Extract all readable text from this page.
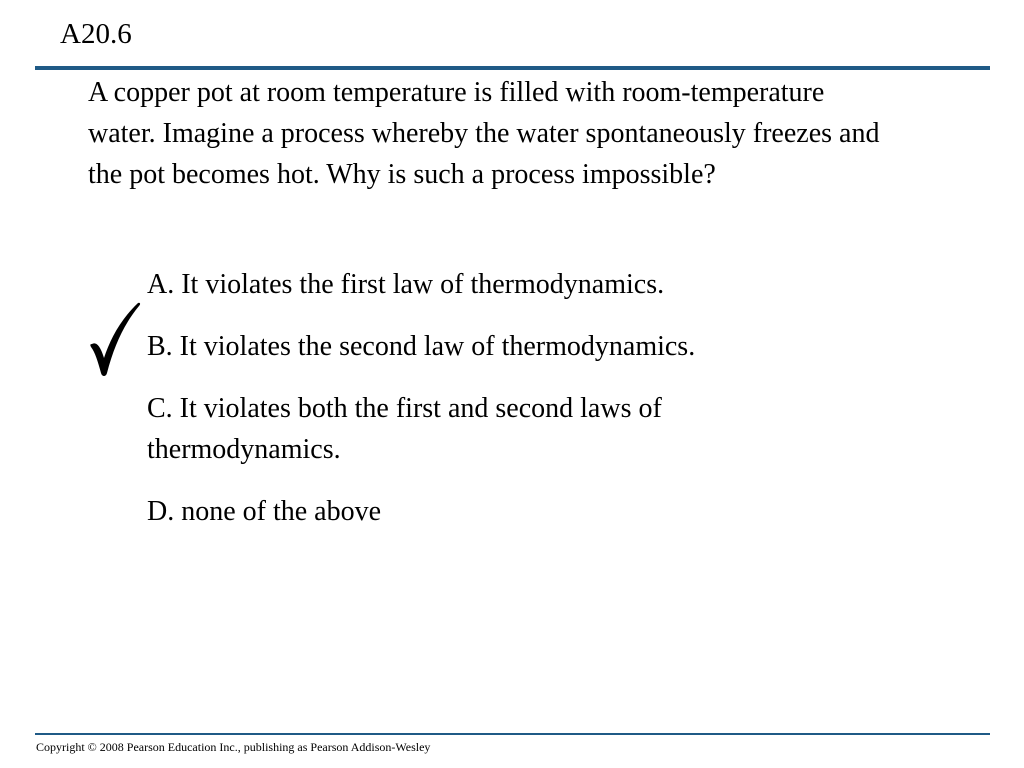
A20.6

A copper pot at room temperature is filled with room-temperature water. Imagine a process whereby the water spontaneously freezes and the pot becomes hot. Why is such a process impossible?

A. It violates the first law of thermodynamics.
B. It violates the second law of thermodynamics.
C. It violates both the first and second laws of thermodynamics.
D. none of the above

Copyright © 2008 Pearson Education Inc., publishing as Pearson Addison-Wesley
